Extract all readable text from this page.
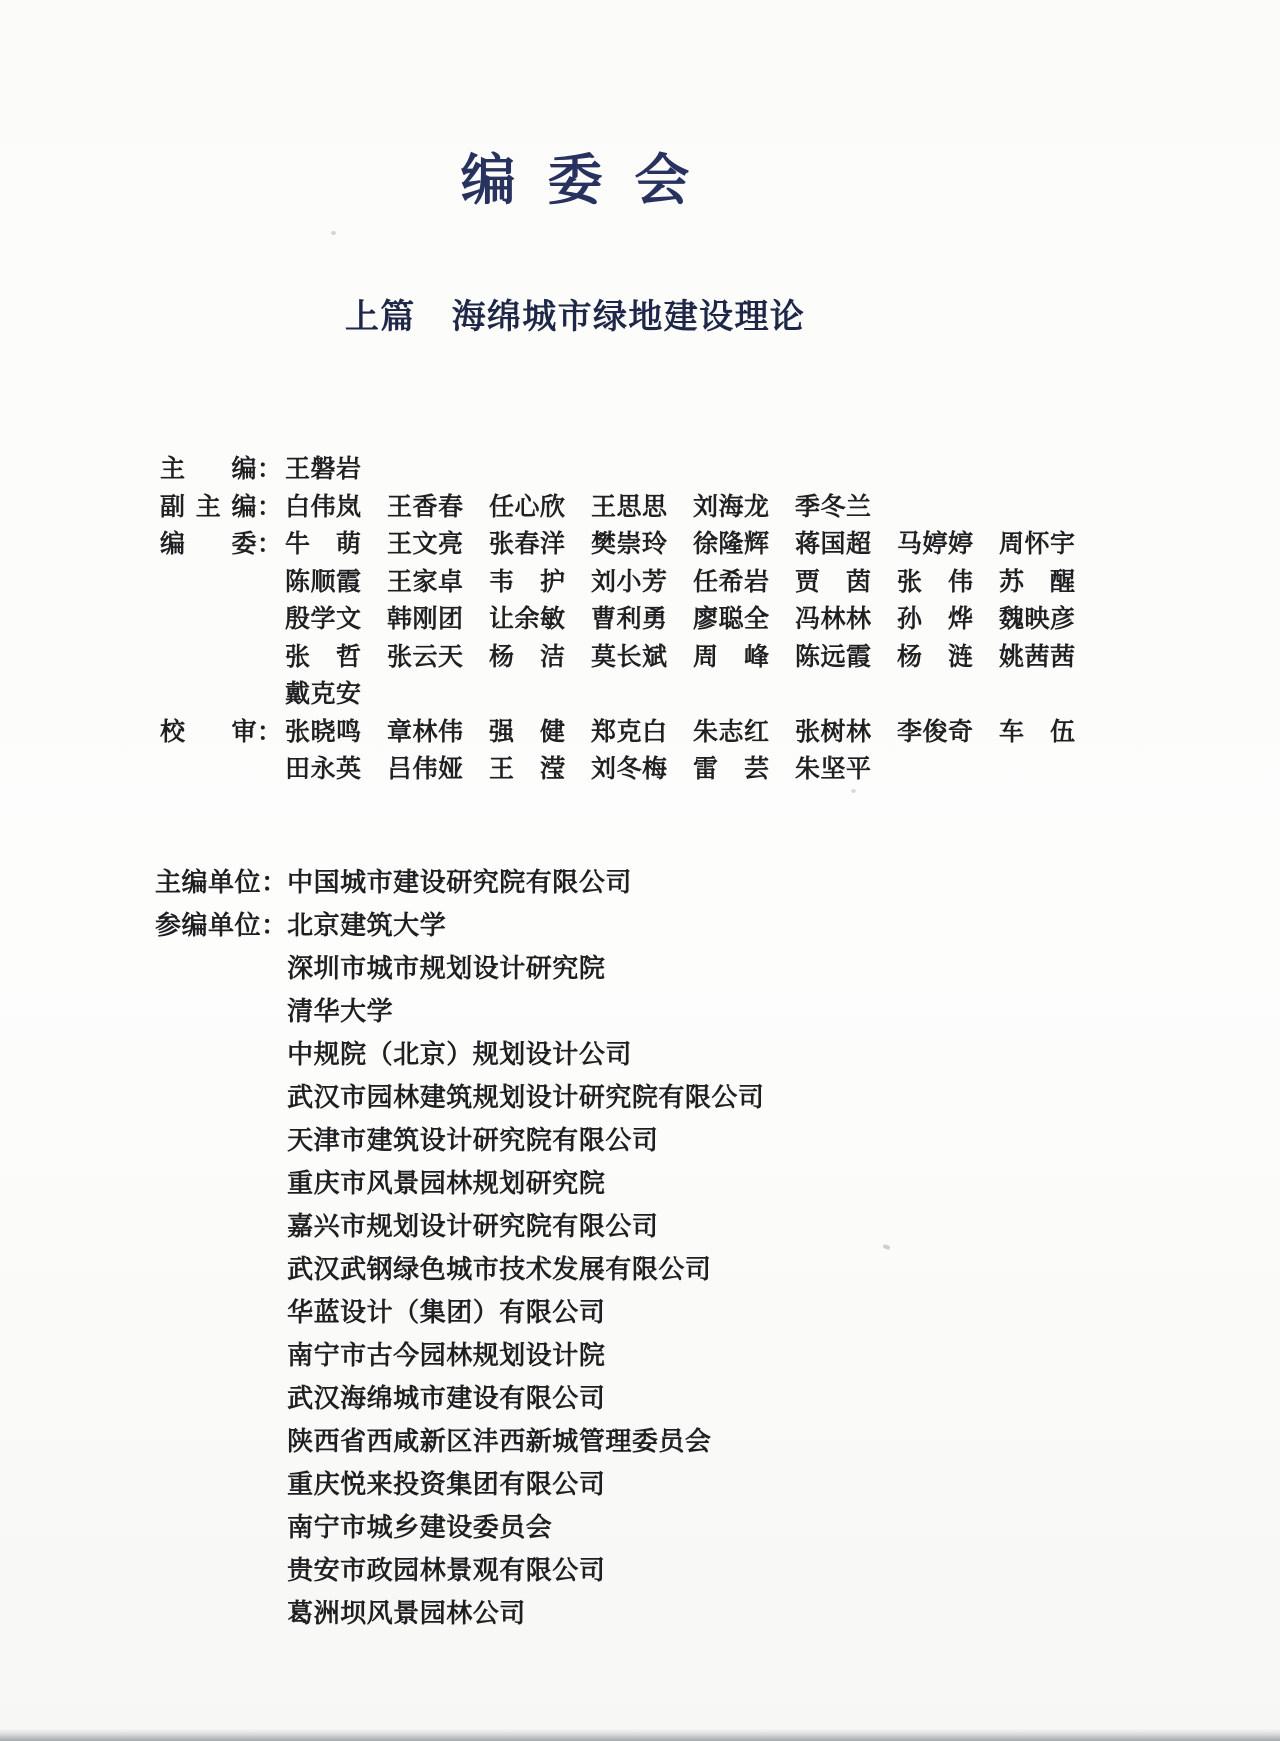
编委会
上篇 海绵城市绿地建设理论
主编 ： 王磐岩
副主编 ： 白伟岚　王香春　任心欣　王思思　刘海龙　季冬兰
编委 ： 牛　萌　王文亮　张春洋　樊崇玲　徐隆辉　蒋国超　马婷婷　周怀宇
陈顺霞　王家卓　韦　护　刘小芳　任希岩　贾　茵　张　伟　苏　醒
殷学文　韩刚团　让余敏　曹利勇　廖聪全　冯林林　孙　烨　魏映彦
张　哲　张云天　杨　洁　莫长斌　周　峰　陈远霞　杨　涟　姚茜茜
戴克安
校审 ： 张晓鸣　章林伟　强　健　郑克白　朱志红　张树林　李俊奇　车　伍
田永英　吕伟娅　王　滢　刘冬梅　雷　芸　朱坚平
主编单位 ： 中国城市建设研究院有限公司
参编单位 ： 北京建筑大学
深圳市城市规划设计研究院
清华大学
中规院（北京）规划设计公司
武汉市园林建筑规划设计研究院有限公司
天津市建筑设计研究院有限公司
重庆市风景园林规划研究院
嘉兴市规划设计研究院有限公司
武汉武钢绿色城市技术发展有限公司
华蓝设计（集团）有限公司
南宁市古今园林规划设计院
武汉海绵城市建设有限公司
陕西省西咸新区沣西新城管理委员会
重庆悦来投资集团有限公司
南宁市城乡建设委员会
贵安市政园林景观有限公司
葛洲坝风景园林公司
